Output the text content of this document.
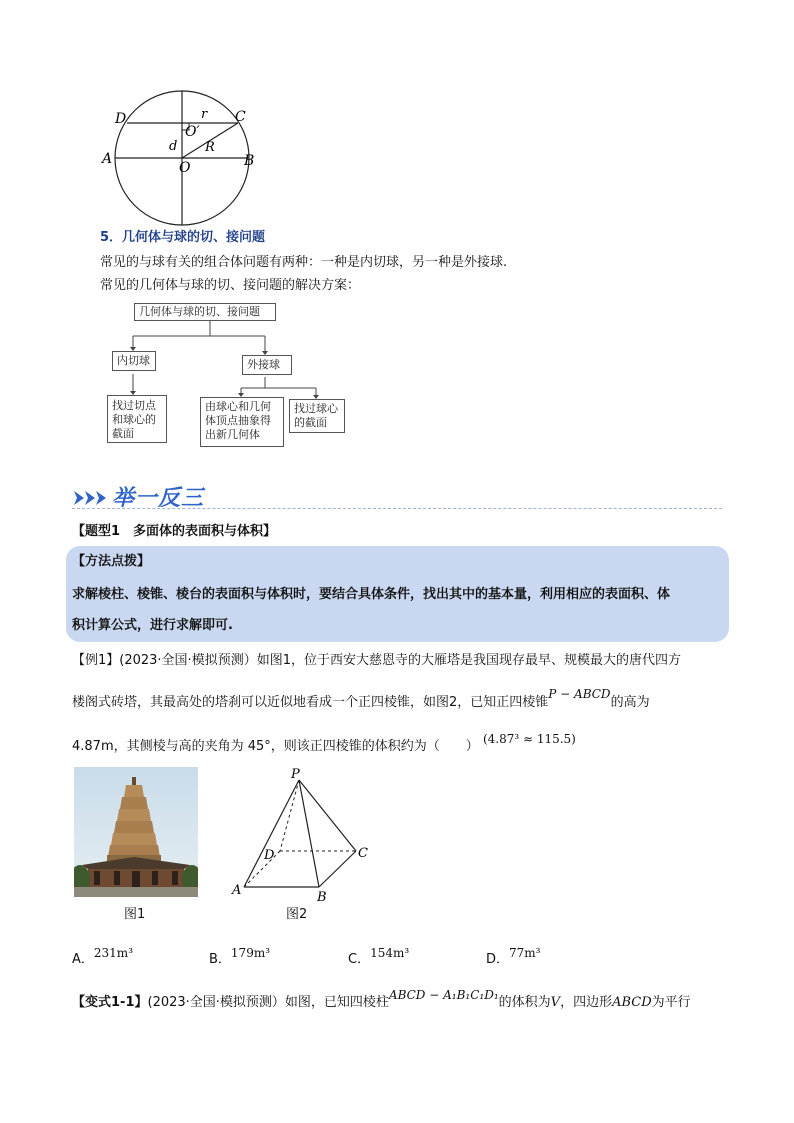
D	C
A	B
O
O′
r
d R
5．几何体与球的切、接问题
常见的与球有关的组合体问题有两种：一种是内切球，另一种是外接球.
常见的几何体与球的切、接问题的解决方案：
几何体与球的切、接问题
内切球	外接球
找过切点和球心的截面
由球心和几何体顶点抽象得出新几何体
找过球心的截面
举一反三
【题型1　多面体的表面积与体积】
【方法点拨】
求解棱柱、棱锥、棱台的表面积与体积时，要结合具体条件，找出其中的基本量，利用相应的表面积、体
积计算公式，进行求解即可.
【例1】(2023·全国·模拟预测）如图1，位于西安大慈恩寺的大雁塔是我国现存最早、规模最大的唐代四方
楼阁式砖塔，其最高处的塔刹可以近似地看成一个正四棱锥，如图2，已知正四棱锥P − ABCD的高为
4.87m，其侧棱与高的夹角为 45°，则该正四棱锥的体积约为（　　） (4.87³ ≈ 115.5)
图1
P
A	B
C
D
图2
A．231m³	B．179m³	C．154m³	D．77m³
【变式1-1】(2023·全国·模拟预测）如图，已知四棱柱ABCD − A₁B₁C₁D₁的体积为V，四边形ABCD为平行
